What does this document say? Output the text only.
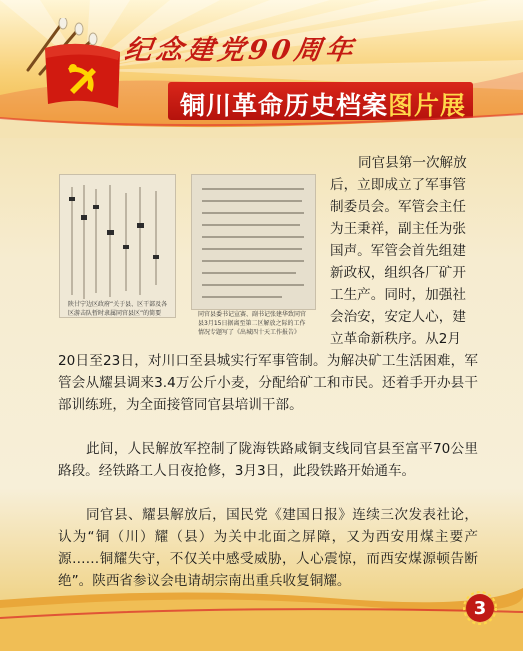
纪念建党90周年
铜川革命历史档案图片展
陕甘宁边区政府“关于县、区干部及各区游击队暂时隶属同官县区”的简要	同官县委书记宣赛、副书记张建华致同官县3月15日据离至第二区解放之际的工作情况专题写了《出城四十天工作报告》
同官县第一次解放
后，立即成立了军事管
制委员会。军管会主任
为王秉祥，副主任为张
国声。军管会首先组建
新政权，组织各厂矿开
工生产。同时，加强社
会治安，安定人心，建
立革命新秩序。从2月
20日至23日，对川口至县城实行军事管制。为解决矿工生活困难，军管会从耀县调来3.4万公斤小麦，分配给矿工和市民。还着手开办县干部训练班，为全面接管同官县培训干部。
此间，人民解放军控制了陇海铁路咸铜支线同官县至富平70公里路段。经铁路工人日夜抢修，3月3日，此段铁路开始通车。
同官县、耀县解放后，国民党《建国日报》连续三次发表社论，认为“铜（川）耀（县）为关中北面之屏障，又为西安用煤主要产源……铜耀失守，不仅关中感受威胁，人心震惊，而西安煤源顿告断绝”。陕西省参议会电请胡宗南出重兵收复铜耀。
3
